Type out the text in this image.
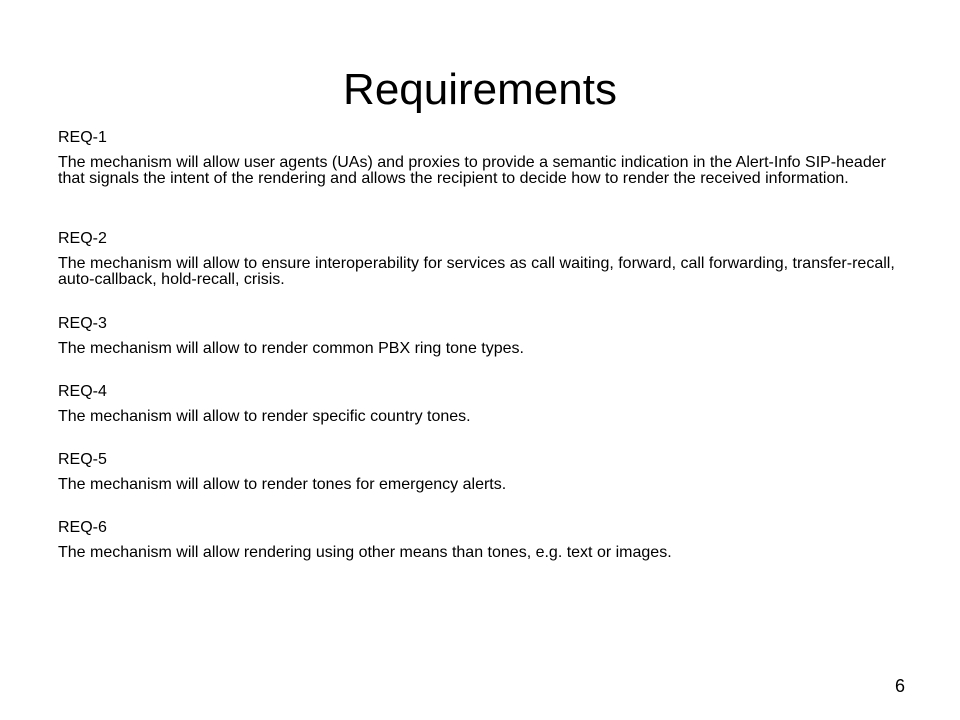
Requirements
REQ-1
The mechanism will allow user agents (UAs) and proxies to provide a semantic indication in the Alert-Info SIP-header that signals the intent of the rendering and allows the recipient to decide how to render the received information.
REQ-2
The mechanism will allow to ensure interoperability for services as call waiting, forward, call forwarding, transfer-recall, auto-callback, hold-recall, crisis.
REQ-3
The mechanism will allow to render common PBX ring tone types.
REQ-4
The mechanism will allow to render specific country tones.
REQ-5
The mechanism will allow to render tones for emergency alerts.
REQ-6
The mechanism will allow rendering using other means than tones, e.g. text or images.
6
